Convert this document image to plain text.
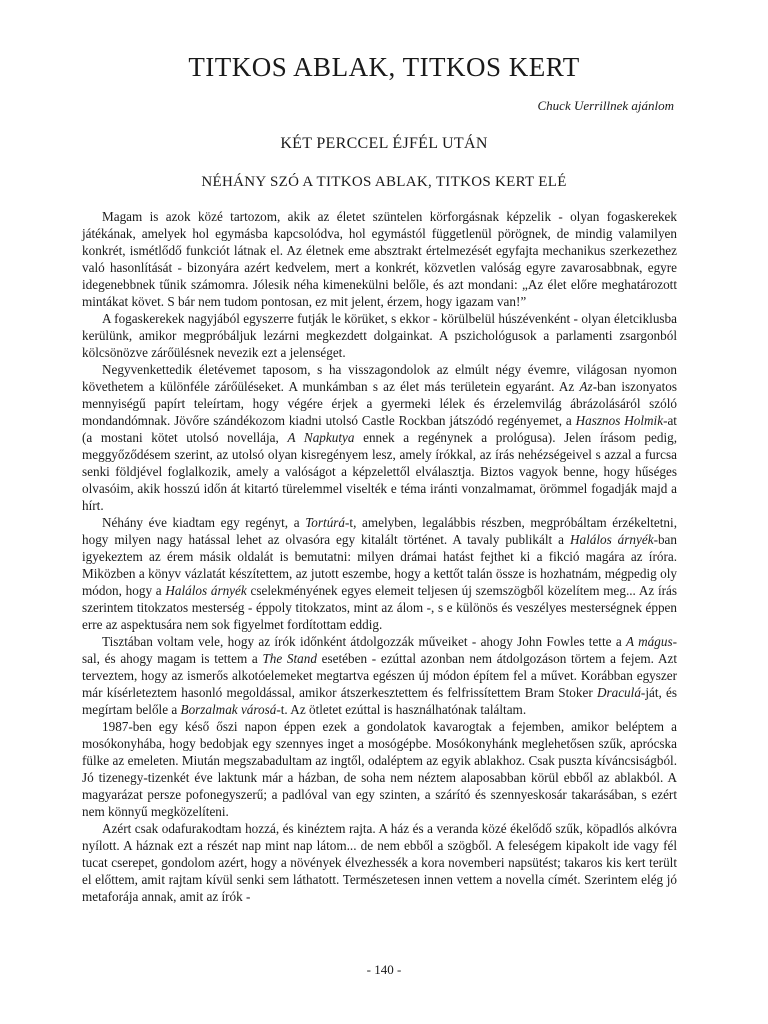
TITKOS ABLAK, TITKOS KERT
Chuck Uerrillnek ajánlom
KÉT PERCCEL ÉJFÉL UTÁN
NÉHÁNY SZÓ A TITKOS ABLAK, TITKOS KERT ELÉ

Magam is azok közé tartozom, akik az életet szüntelen körforgásnak képzelik - olyan fogaskerekek játékának, amelyek hol egymásba kapcsolódva, hol egymástól függetlenül pörögnek, de mindig valamilyen konkrét, ismétlődő funkciót látnak el. Az életnek eme absztrakt értelmezését egyfajta mechanikus szerkezethez való hasonlítását - bizonyára azért kedvelem, mert a konkrét, közvetlen valóság egyre zavarosabbnak, egyre idegenebbnek tűnik számomra. Jólesik néha kimenekülni belőle, és azt mondani: „Az élet előre meghatározott mintákat követ. S bár nem tudom pontosan, ez mit jelent, érzem, hogy igazam van!”

A fogaskerekek nagyjából egyszerre futják le körüket, s ekkor - körülbelül húszévenként - olyan életciklusba kerülünk, amikor megpróbáljuk lezárni megkezdett dolgainkat. A pszichológusok a parlamenti zsargonból kölcsönözve zárőülésnek nevezik ezt a jelenséget.

Negyvenkettedik életévemet taposom, s ha visszagondolok az elmúlt négy évemre, világosan nyomon követhetem a különféle zárőüléseket. A munkámban s az élet más területein egyaránt. Az Az-ban iszonyatos mennyiségű papírt teleírtam, hogy végére érjek a gyermeki lélek és érzelemvilág ábrázolásáról szóló mondandómnak. Jövőre szándékozom kiadni utolsó Castle Rockban játszódó regényemet, a Hasznos Holmik-at (a mostani kötet utolsó novellája, A Napkutya ennek a regénynek a prológusa). Jelen írásom pedig, meggyőződésem szerint, az utolsó olyan kisregényem lesz, amely írókkal, az írás nehézségeivel s azzal a furcsa senki földjével foglalkozik, amely a valóságot a képzelettől elválasztja. Biztos vagyok benne, hogy hűséges olvasóim, akik hosszú időn át kitartó türelemmel viselték e téma iránti vonzalmamat, örömmel fogadják majd a hírt.

Néhány éve kiadtam egy regényt, a Tortúrá-t, amelyben, legalábbis részben, megpróbáltam érzékeltetni, hogy milyen nagy hatással lehet az olvasóra egy kitalált történet. A tavaly publikált a Halálos árnyék-ban igyekeztem az érem másik oldalát is bemutatni: milyen drámai hatást fejthet ki a fikció magára az íróra. Miközben a könyv vázlatát készítettem, az jutott eszembe, hogy a kettőt talán össze is hozhatnám, mégpedig oly módon, hogy a Halálos árnyék cselekményének egyes elemeit teljesen új szemszögből közelítem meg... Az írás szerintem titokzatos mesterség - éppoly titokzatos, mint az álom -, s e különös és veszélyes mesterségnek éppen erre az aspektusára nem sok figyelmet fordítottam eddig.

Tisztában voltam vele, hogy az írók időnként átdolgozzák műveiket - ahogy John Fowles tette a A mágus-sal, és ahogy magam is tettem a The Stand esetében - ezúttal azonban nem átdolgozáson törtem a fejem. Azt terveztem, hogy az ismerős alkotóelemeket megtartva egészen új módon építem fel a művet. Korábban egyszer már kísérleteztem hasonló megoldással, amikor átszerkesztettem és felfrissítettem Bram Stoker Draculá-ját, és megírtam belőle a Borzalmak városá-t. Az ötletet ezúttal is használhatónak találtam.

1987-ben egy késő őszi napon éppen ezek a gondolatok kavarogtak a fejemben, amikor beléptem a mosókonyhába, hogy bedobjak egy szennyes inget a mosógépbe. Mosókonyhánk meglehetősen szűk, aprócska fülke az emeleten. Miután megszabadultam az ingtől, odaléptem az egyik ablakhoz. Csak puszta kíváncsiságból. Jó tizenegy-tizenkét éve laktunk már a házban, de soha nem néztem alaposabban körül ebből az ablakból. A magyarázat persze pofonegyszerű; a padlóval van egy szinten, a szárító és szennyeskosár takarásában, s ezért nem könnyű megközelíteni.

Azért csak odafurakodtam hozzá, és kinéztem rajta. A ház és a veranda közé ékelődő szűk, köpadlós alkóvra nyílott. A háznak ezt a részét nap mint nap látom... de nem ebből a szögből. A feleségem kipakolt ide vagy fél tucat cserepet, gondolom azért, hogy a növények élvezhessék a kora novemberi napsütést; takaros kis kert terült el előttem, amit rajtam kívül senki sem láthatott. Természetesen innen vettem a novella címét. Szerintem elég jó metaforája annak, amit az írók -

- 140 -
